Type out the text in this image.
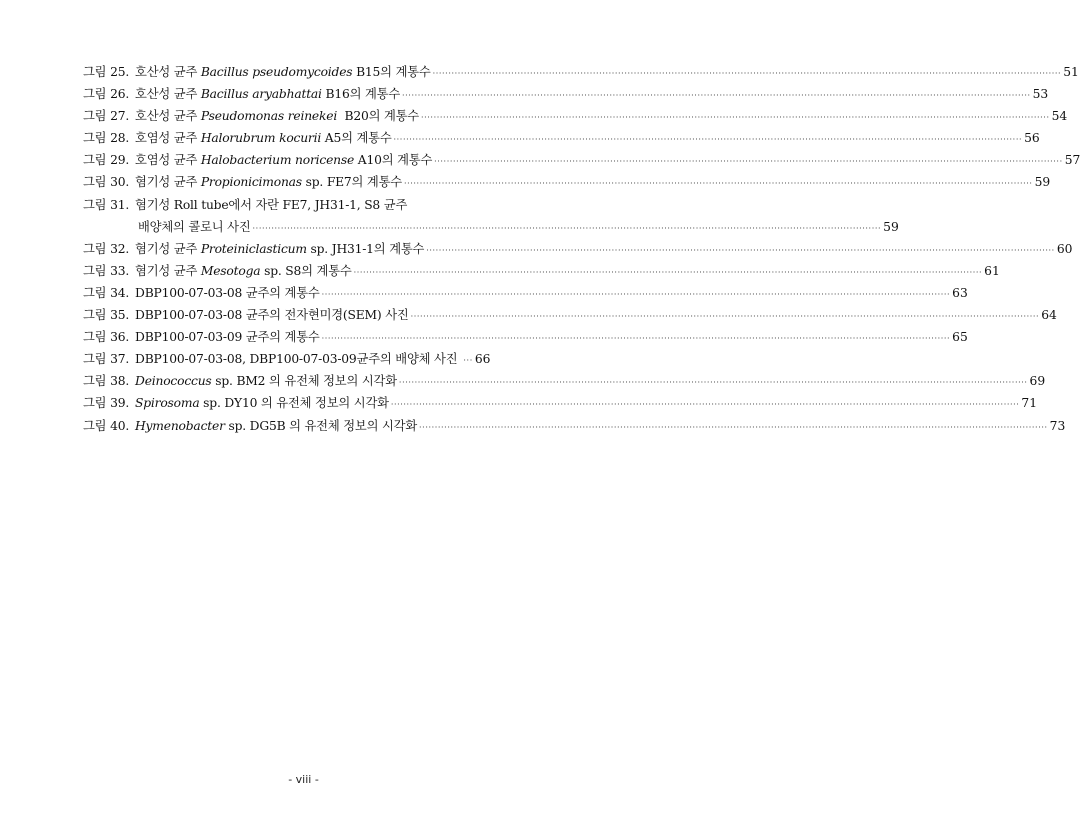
그림 25. 호산성 균주 Bacillus pseudomycoides B15의 계통수 ········································································································································································································ 51
그림 26. 호산성 균주 Bacillus aryabhattai B16의 계통수 ········································································································································································································ 53
그림 27. 호산성 균주 Pseudomonas reinekei  B20의 계통수 ········································································································································································································ 54
그림 28. 호염성 균주 Halorubrum kocurii A5의 계통수 ········································································································································································································ 56
그림 29. 호염성 균주 Halobacterium noricense A10의 계통수 ········································································································································································································ 57
그림 30. 혐기성 균주 Propionicimonas sp. FE7의 계통수 ········································································································································································································ 59
그림 31. 혐기성 Roll tube에서 자란 FE7, JH31-1, S8 균주
배양체의 콜로니 사진 ········································································································································································································ 59
그림 32. 혐기성 균주 Proteiniclasticum sp. JH31-1의 계통수 ········································································································································································································ 60
그림 33. 혐기성 균주 Mesotoga sp. S8의 계통수 ········································································································································································································ 61
그림 34. DBP100-07-03-08 균주의 계통수 ········································································································································································································ 63
그림 35. DBP100-07-03-08 균주의 전자현미경(SEM) 사진 ········································································································································································································ 64
그림 36. DBP100-07-03-09 균주의 계통수 ········································································································································································································ 65
그림 37. DBP100-07-03-08, DBP100-07-03-09균주의 배양체 사진 ··· 66
그림 38. Deinococcus sp. BM2 의 유전체 정보의 시각화 ········································································································································································································ 69
그림 39. Spirosoma sp. DY10 의 유전체 정보의 시각화 ········································································································································································································ 71
그림 40. Hymenobacter sp. DG5B 의 유전체 정보의 시각화 ········································································································································································································ 73
- viii -
